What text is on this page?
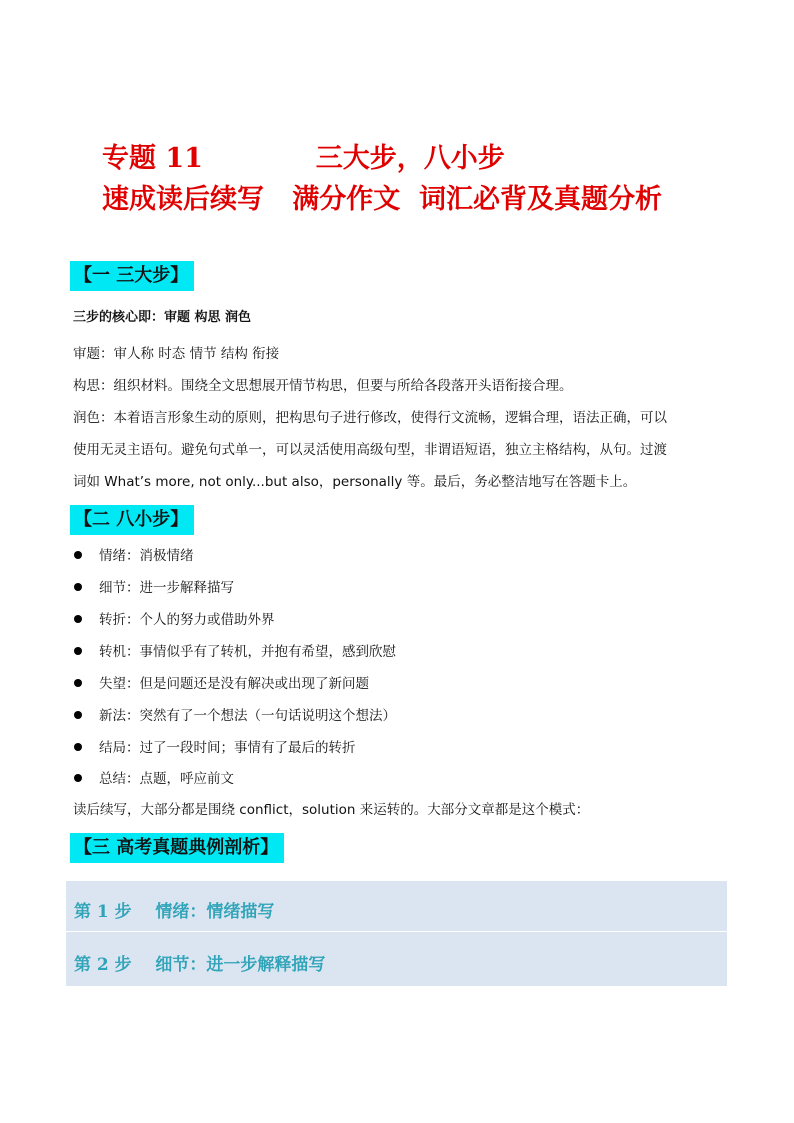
专题 11            三大步，八小步
速成读后续写   满分作文  词汇必背及真题分析
【一 三大步】
三步的核心即：审题 构思 润色
审题：审人称 时态 情节 结构 衔接
构思：组织材料。围绕全文思想展开情节构思，但要与所给各段落开头语衔接合理。
润色：本着语言形象生动的原则，把构思句子进行修改，使得行文流畅，逻辑合理，语法正确，可以
使用无灵主语句。避免句式单一，可以灵活使用高级句型，非谓语短语，独立主格结构，从句。过渡
词如 What’s more, not only...but also，personally 等。最后，务必整洁地写在答题卡上。
【二 八小步】
情绪：消极情绪
细节：进一步解释描写
转折：个人的努力或借助外界
转机：事情似乎有了转机，并抱有希望，感到欣慰
失望：但是问题还是没有解决或出现了新问题
新法：突然有了一个想法（一句话说明这个想法）
结局：过了一段时间；事情有了最后的转折
总结：点题，呼应前文
读后续写，大部分都是围绕 conflict，solution 来运转的。大部分文章都是这个模式：
【三 高考真题典例剖析】
第 1 步    情绪：情绪描写
第 2 步    细节：进一步解释描写
